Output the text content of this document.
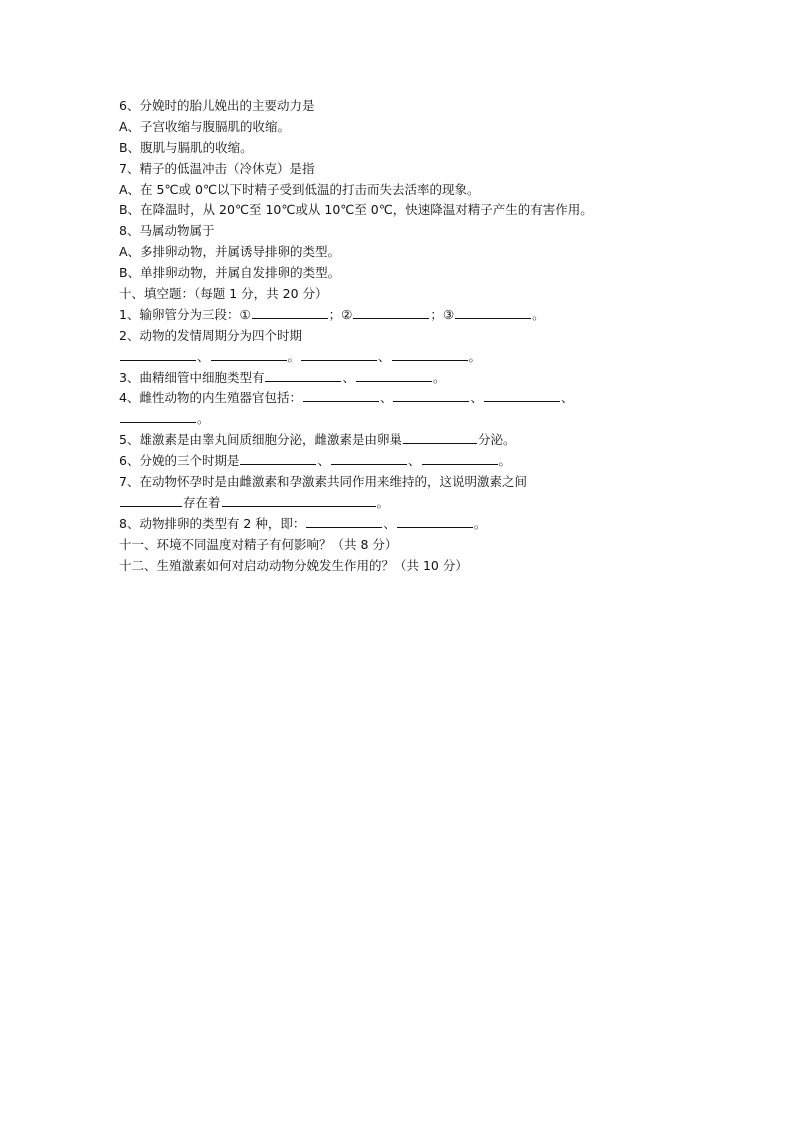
6、分娩时的胎儿娩出的主要动力是
A、子宫收缩与腹膈肌的收缩。
B、腹肌与膈肌的收缩。
7、精子的低温冲击（冷休克）是指
A、在 5℃或 0℃以下时精子受到低温的打击而失去活率的现象。
B、在降温时，从 20℃至 10℃或从 10℃至 0℃，快速降温对精子产生的有害作用。
8、马属动物属于
A、多排卵动物，并属诱导排卵的类型。
B、单排卵动物，并属自发排卵的类型。
十、填空题：（每题 1 分，共 20 分）
1、输卵管分为三段：①	；②	；③	。
2、动物的发情周期分为四个时期
、	。	、	。
3、曲精细管中细胞类型有	、	。
4、雌性动物的内生殖器官包括：	、	、	、
。
5、雄激素是由睾丸间质细胞分泌，雌激素是由卵巢	分泌。
6、分娩的三个时期是	、	、	。
7、在动物怀孕时是由雌激素和孕激素共同作用来维持的，这说明激素之间
存在着	。
8、动物排卵的类型有 2 种，即：	、	。
十一、环境不同温度对精子有何影响？（共 8 分）
十二、生殖激素如何对启动动物分娩发生作用的？（共 10 分）
